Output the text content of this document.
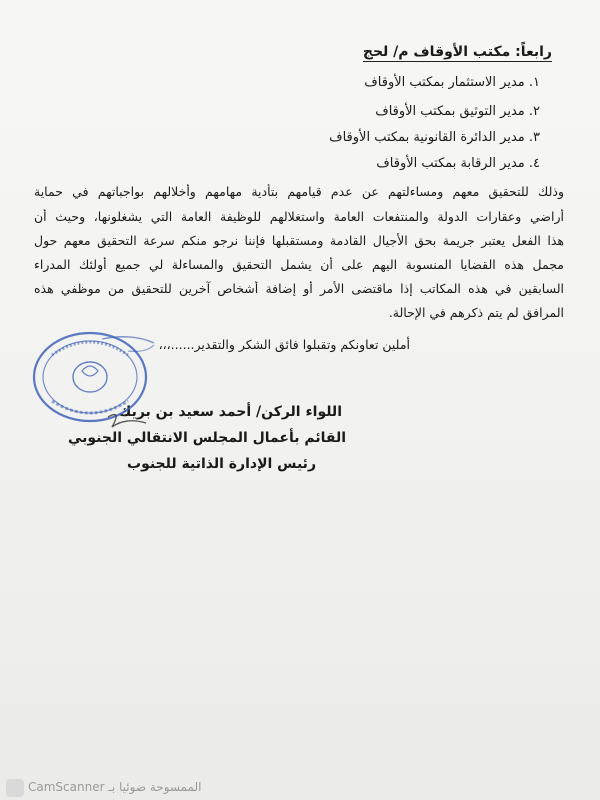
رابعاً: مكتب الأوقاف م/ لحج
١. مدير الاستثمار بمكتب الأوقاف
٢. مدير التوثيق بمكتب الأوقاف
٣. مدير الدائرة القانونية بمكتب الأوقاف
٤. مدير الرقابة بمكتب الأوقاف
وذلك للتحقيق معهم ومساءلتهم عن عدم قيامهم بتأدية مهامهم وأخلالهم بواجباتهم في حماية
أراضي وعقارات الدولة والمنتفعات العامة واستغلالهم للوظيفة العامة التي يشغلونها، وحيث أن
هذا الفعل يعتبر جريمة بحق الأجيال القادمة ومستقبلها فإننا نرجو منكم سرعة التحقيق معهم حول
مجمل هذه القضايا المنسوبة اليهم على أن يشمل التحقيق والمساءلة لي جميع أولئك المدراء
السابقين في هذه المكاتب إذا ماقتضى الأمر أو إضافة أشخاص آخرين للتحقيق من موظفي هذه
المرافق لم يتم ذكرهم في الإحالة.
أملين تعاونكم وتقبلوا فائق الشكر والتقدير......،،،
اللواء الركن/ أحمد سعيد بن بريك
القائم بأعمال المجلس الانتقالي الجنوبي
رئيس الإدارة الذاتية للجنوب
الممسوحة ضوئيا بـ CamScanner
